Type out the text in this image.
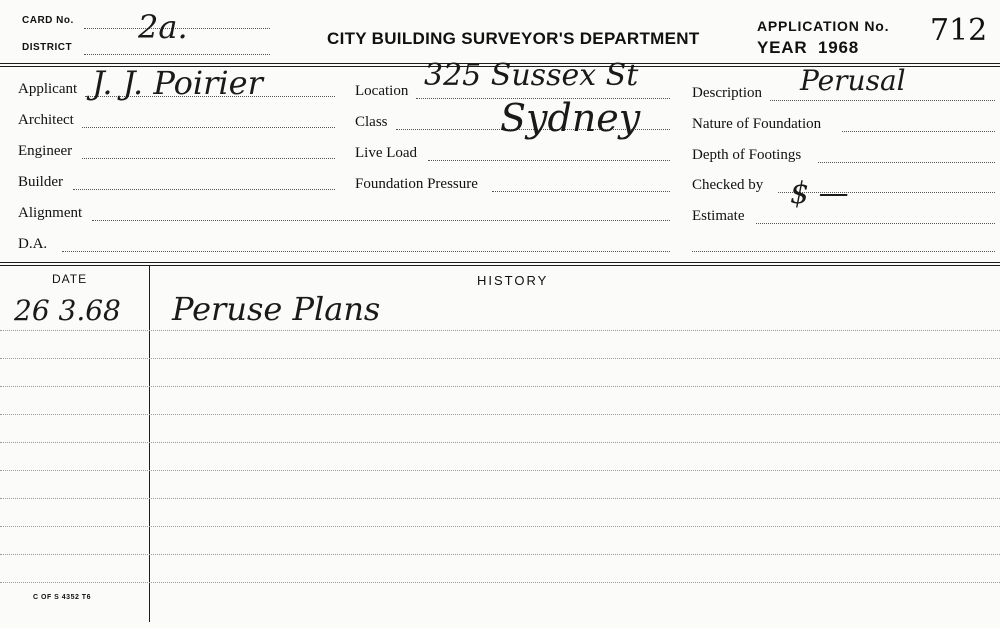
CARD No. 2a.
DISTRICT	CITY BUILDING SURVEYOR'S DEPARTMENT
APPLICATION No. 712
YEAR 1968
Applicant J. J. Poirier
Architect
Engineer
Builder
Alignment
D.A.
Location 325 Sussex St
Class	Sydney
Live Load
Foundation Pressure
Description Perusal
Nature of Foundation
Depth of Footings
Checked by
Estimate
$ —
DATE	HISTORY
26 3.68 Peruse Plans
C OF S 4352 T6
